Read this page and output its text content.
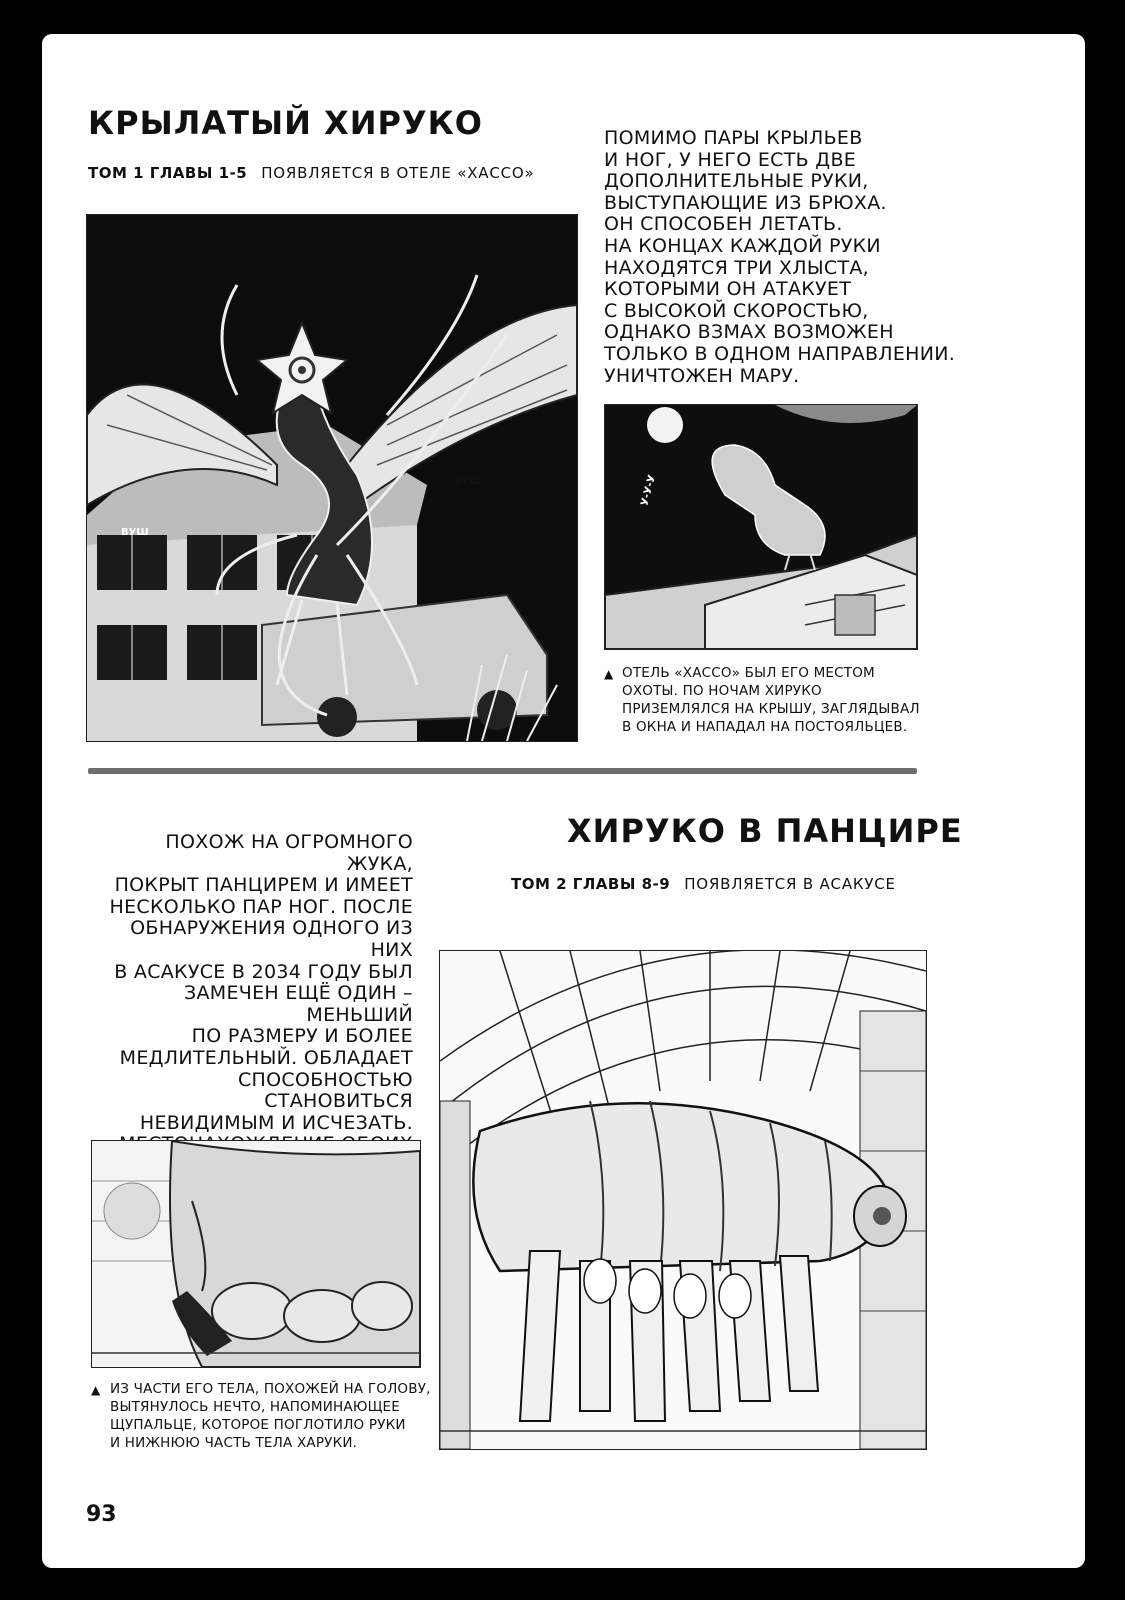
КРЫЛАТЫЙ ХИРУКО
ТОМ 1 ГЛАВЫ 1-5 ПОЯВЛЯЕТСЯ В ОТЕЛЕ «ХАССО»
ВУШ
ВУШ

ПОМИМО ПАРЫ КРЫЛЬЕВ
И НОГ, У НЕГО ЕСТЬ ДВЕ
ДОПОЛНИТЕЛЬНЫЕ РУКИ,
ВЫСТУПАЮЩИЕ ИЗ БРЮХА.
ОН СПОСОБЕН ЛЕТАТЬ.
НА КОНЦАХ КАЖДОЙ РУКИ
НАХОДЯТСЯ ТРИ ХЛЫСТА,
КОТОРЫМИ ОН АТАКУЕТ
С ВЫСОКОЙ СКОРОСТЬЮ,
ОДНАКО ВЗМАХ ВОЗМОЖЕН
ТОЛЬКО В ОДНОМ НАПРАВЛЕНИИ.
УНИЧТОЖЕН МАРУ.

У-У-У
▲ ОТЕЛЬ «ХАССО» БЫЛ ЕГО МЕСТОМ
ОХОТЫ. ПО НОЧАМ ХИРУКО
ПРИЗЕМЛЯЛСЯ НА КРЫШУ, ЗАГЛЯДЫВАЛ
В ОКНА И НАПАДАЛ НА ПОСТОЯЛЬЦЕВ.

ХИРУКО В ПАНЦИРЕ
ТОМ 2 ГЛАВЫ 8-9 ПОЯВЛЯЕТСЯ В АСАКУСЕ

ПОХОЖ НА ОГРОМНОГО ЖУКА,
ПОКРЫТ ПАНЦИРЕМ И ИМЕЕТ
НЕСКОЛЬКО ПАР НОГ. ПОСЛЕ
ОБНАРУЖЕНИЯ ОДНОГО ИЗ НИХ
В АСАКУСЕ В 2034 ГОДУ БЫЛ
ЗАМЕЧЕН ЕЩЁ ОДИН – МЕНЬШИЙ
ПО РАЗМЕРУ И БОЛЕЕ
МЕДЛИТЕЛЬНЫЙ. ОБЛАДАЕТ
СПОСОБНОСТЬЮ СТАНОВИТЬСЯ
НЕВИДИМЫМ И ИСЧЕЗАТЬ.

▲ ИЗ ЧАСТИ ЕГО ТЕЛА, ПОХОЖЕЙ НА ГОЛОВУ,
ВЫТЯНУЛОСЬ НЕЧТО, НАПОМИНАЮЩЕЕ
ЩУПАЛЬЦЕ, КОТОРОЕ ПОГЛОТИЛО РУКИ
И НИЖНЮЮ ЧАСТЬ ТЕЛА ХАРУКИ.

93
